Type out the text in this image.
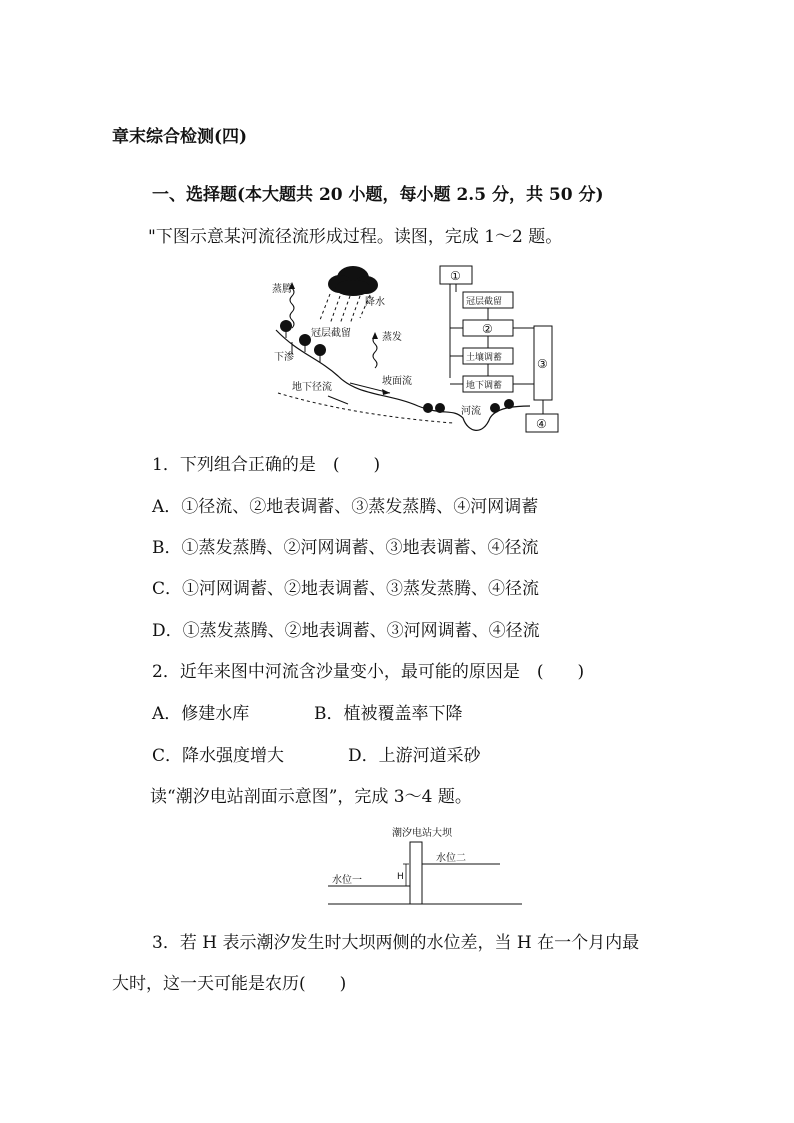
章末综合检测(四)
一、选择题(本大题共 20 小题，每小题 2.5 分，共 50 分)
"下图示意某河流径流形成过程。读图，完成 1～2 题。
降水
蒸腾
冠层截留
下渗
蒸发
坡面流
地下径流
河流
①
冠层截留
②
土壤调蓄
地下调蓄
③
④
1．下列组合正确的是　(　　)
A．①径流、②地表调蓄、③蒸发蒸腾、④河网调蓄
B．①蒸发蒸腾、②河网调蓄、③地表调蓄、④径流
C．①河网调蓄、②地表调蓄、③蒸发蒸腾、④径流
D．①蒸发蒸腾、②地表调蓄、③河网调蓄、④径流
2．近年来图中河流含沙量变小，最可能的原因是　(　　)
A．修建水库	B．植被覆盖率下降
C．降水强度增大	D．上游河道采砂
读“潮汐电站剖面示意图”，完成 3～4 题。
潮汐电站大坝
水位一
水位二
H
3．若 H 表示潮汐发生时大坝两侧的水位差，当 H 在一个月内最
大时，这一天可能是农历(　　)
